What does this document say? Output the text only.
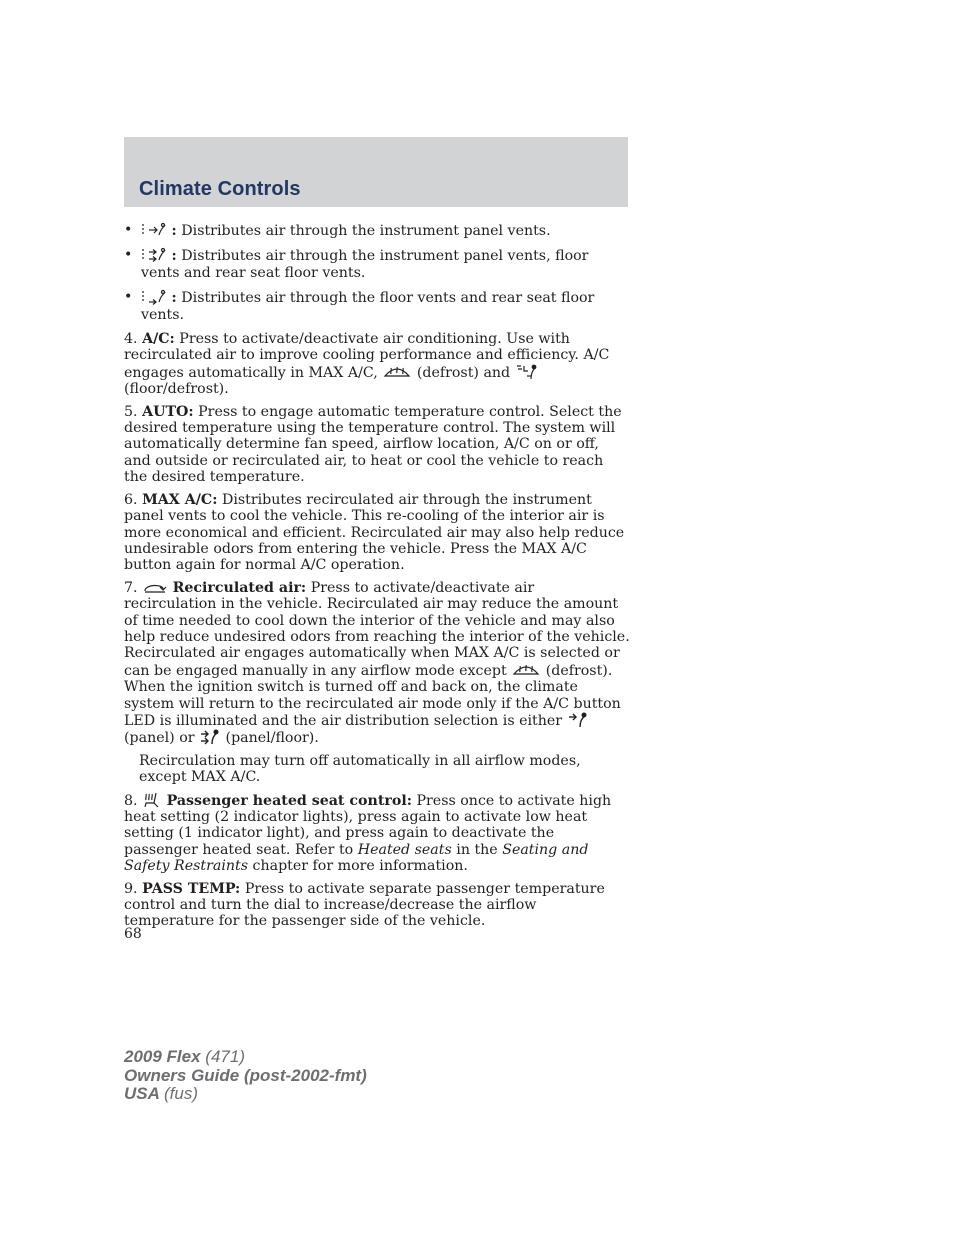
Climate Controls
•	: Distributes air through the instrument panel vents.
•	: Distributes air through the instrument panel vents, floor vents and rear seat floor vents.
•	: Distributes air through the floor vents and rear seat floor vents.
4. A/C: Press to activate/deactivate air conditioning. Use with recirculated air to improve cooling performance and efficiency. A/C engages automatically in MAX A/C,	(defrost) and

(floor/defrost).
5. AUTO: Press to engage automatic temperature control. Select the desired temperature using the temperature control. The system will automatically determine fan speed, airflow location, A/C on or off, and outside or recirculated air, to heat or cool the vehicle to reach the desired temperature.
6. MAX A/C: Distributes recirculated air through the instrument panel vents to cool the vehicle. This re-cooling of the interior air is more economical and efficient. Recirculated air may also help reduce undesirable odors from entering the vehicle. Press the MAX A/C button again for normal A/C operation.
7. Recirculated air: Press to activate/deactivate air recirculation in the vehicle. Recirculated air may reduce the amount of time needed to cool down the interior of the vehicle and may also help reduce undesired odors from reaching the interior of the vehicle. Recirculated air engages automatically when MAX A/C is selected or can be engaged manually in any airflow mode except	(defrost). When the ignition switch is turned off and back on, the climate system will return to the recirculated air mode only if the A/C button LED is illuminated and the air distribution selection is either
(panel) or (panel/floor).
Recirculation may turn off automatically in all airflow modes, except MAX A/C.
8. Passenger heated seat control: Press once to activate high heat setting (2 indicator lights), press again to activate low heat setting (1 indicator light), and press again to deactivate the passenger heated seat. Refer to Heated seats in the Seating and Safety Restraints chapter for more information.
9. PASS TEMP: Press to activate separate passenger temperature control and turn the dial to increase/decrease the airflow temperature for the passenger side of the vehicle.
68
2009 Flex (471)
Owners Guide (post-2002-fmt)
USA (fus)
